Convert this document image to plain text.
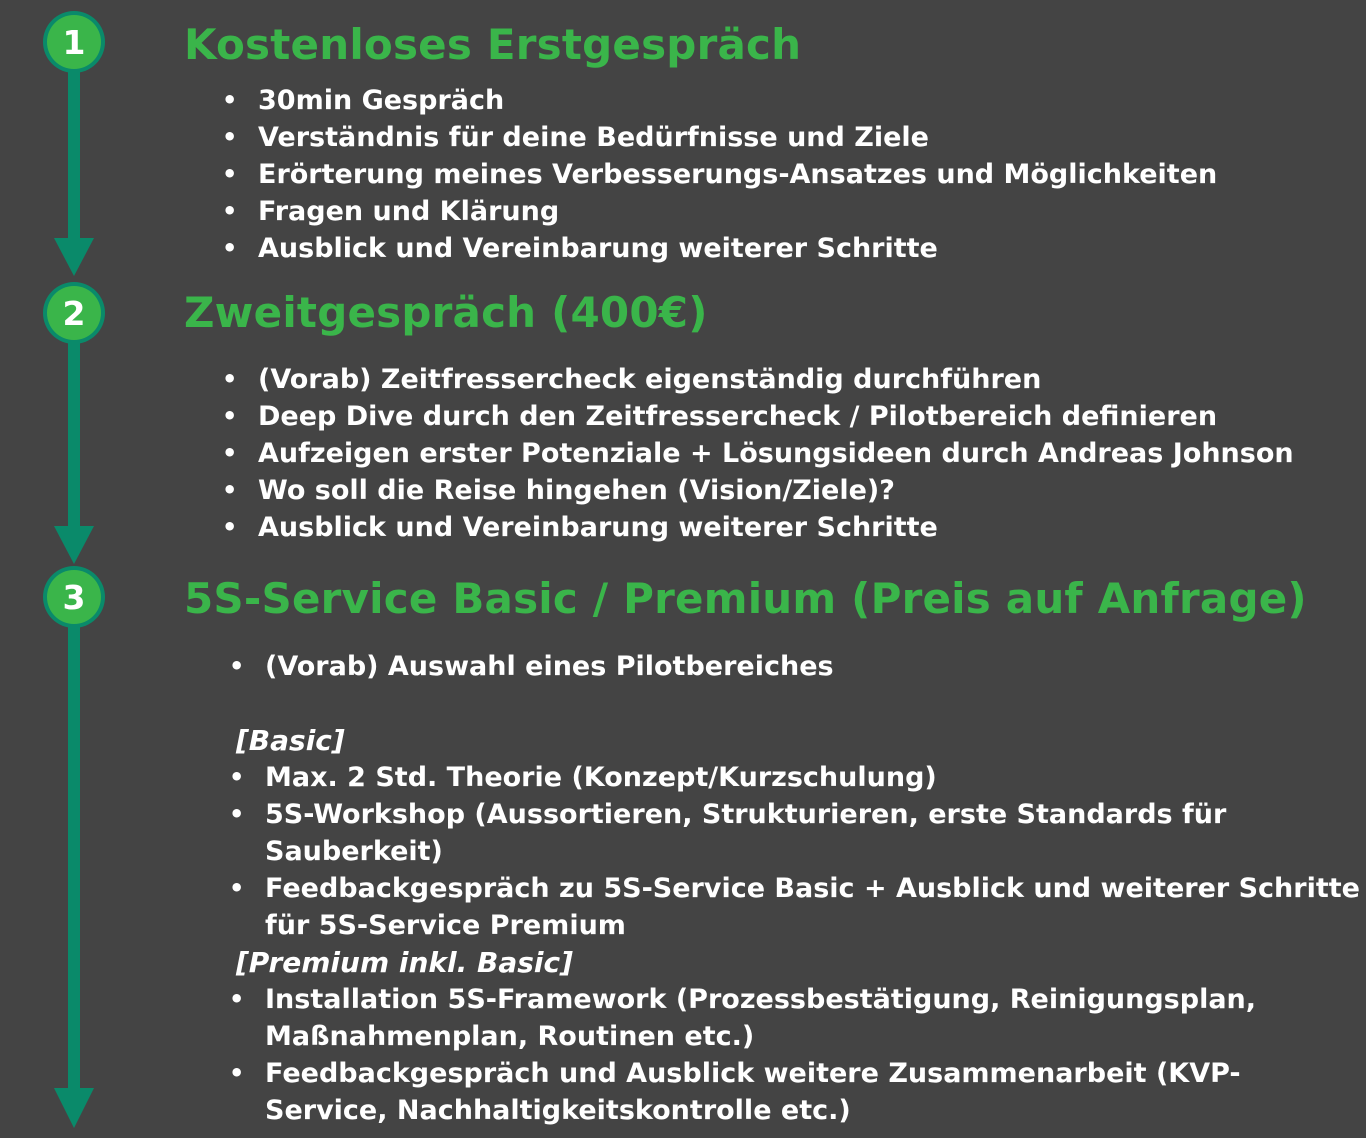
1
2
3
Kostenloses Erstgespräch
• 30min Gespräch
• Verständnis für deine Bedürfnisse und Ziele
• Erörterung meines Verbesserungs-Ansatzes und Möglichkeiten
• Fragen und Klärung
• Ausblick und Vereinbarung weiterer Schritte
Zweitgespräch (400€)
• (Vorab) Zeitfressercheck eigenständig durchführen
• Deep Dive durch den Zeitfressercheck / Pilotbereich definieren
• Aufzeigen erster Potenziale + Lösungsideen durch Andreas Johnson
• Wo soll die Reise hingehen (Vision/Ziele)?
• Ausblick und Vereinbarung weiterer Schritte
5S-Service Basic / Premium (Preis auf Anfrage)
• (Vorab) Auswahl eines Pilotbereiches

[Basic]

• Max. 2 Std. Theorie (Konzept/Kurzschulung)
• 5S-Workshop (Aussortieren, Strukturieren, erste Standards für
Sauberkeit)
• Feedbackgespräch zu 5S-Service Basic + Ausblick und weiterer Schritte
für 5S-Service Premium

[Premium inkl. Basic]

• Installation 5S-Framework (Prozessbestätigung, Reinigungsplan,
Maßnahmenplan, Routinen etc.)
• Feedbackgespräch und Ausblick weitere Zusammenarbeit (KVP-
Service, Nachhaltigkeitskontrolle etc.)
